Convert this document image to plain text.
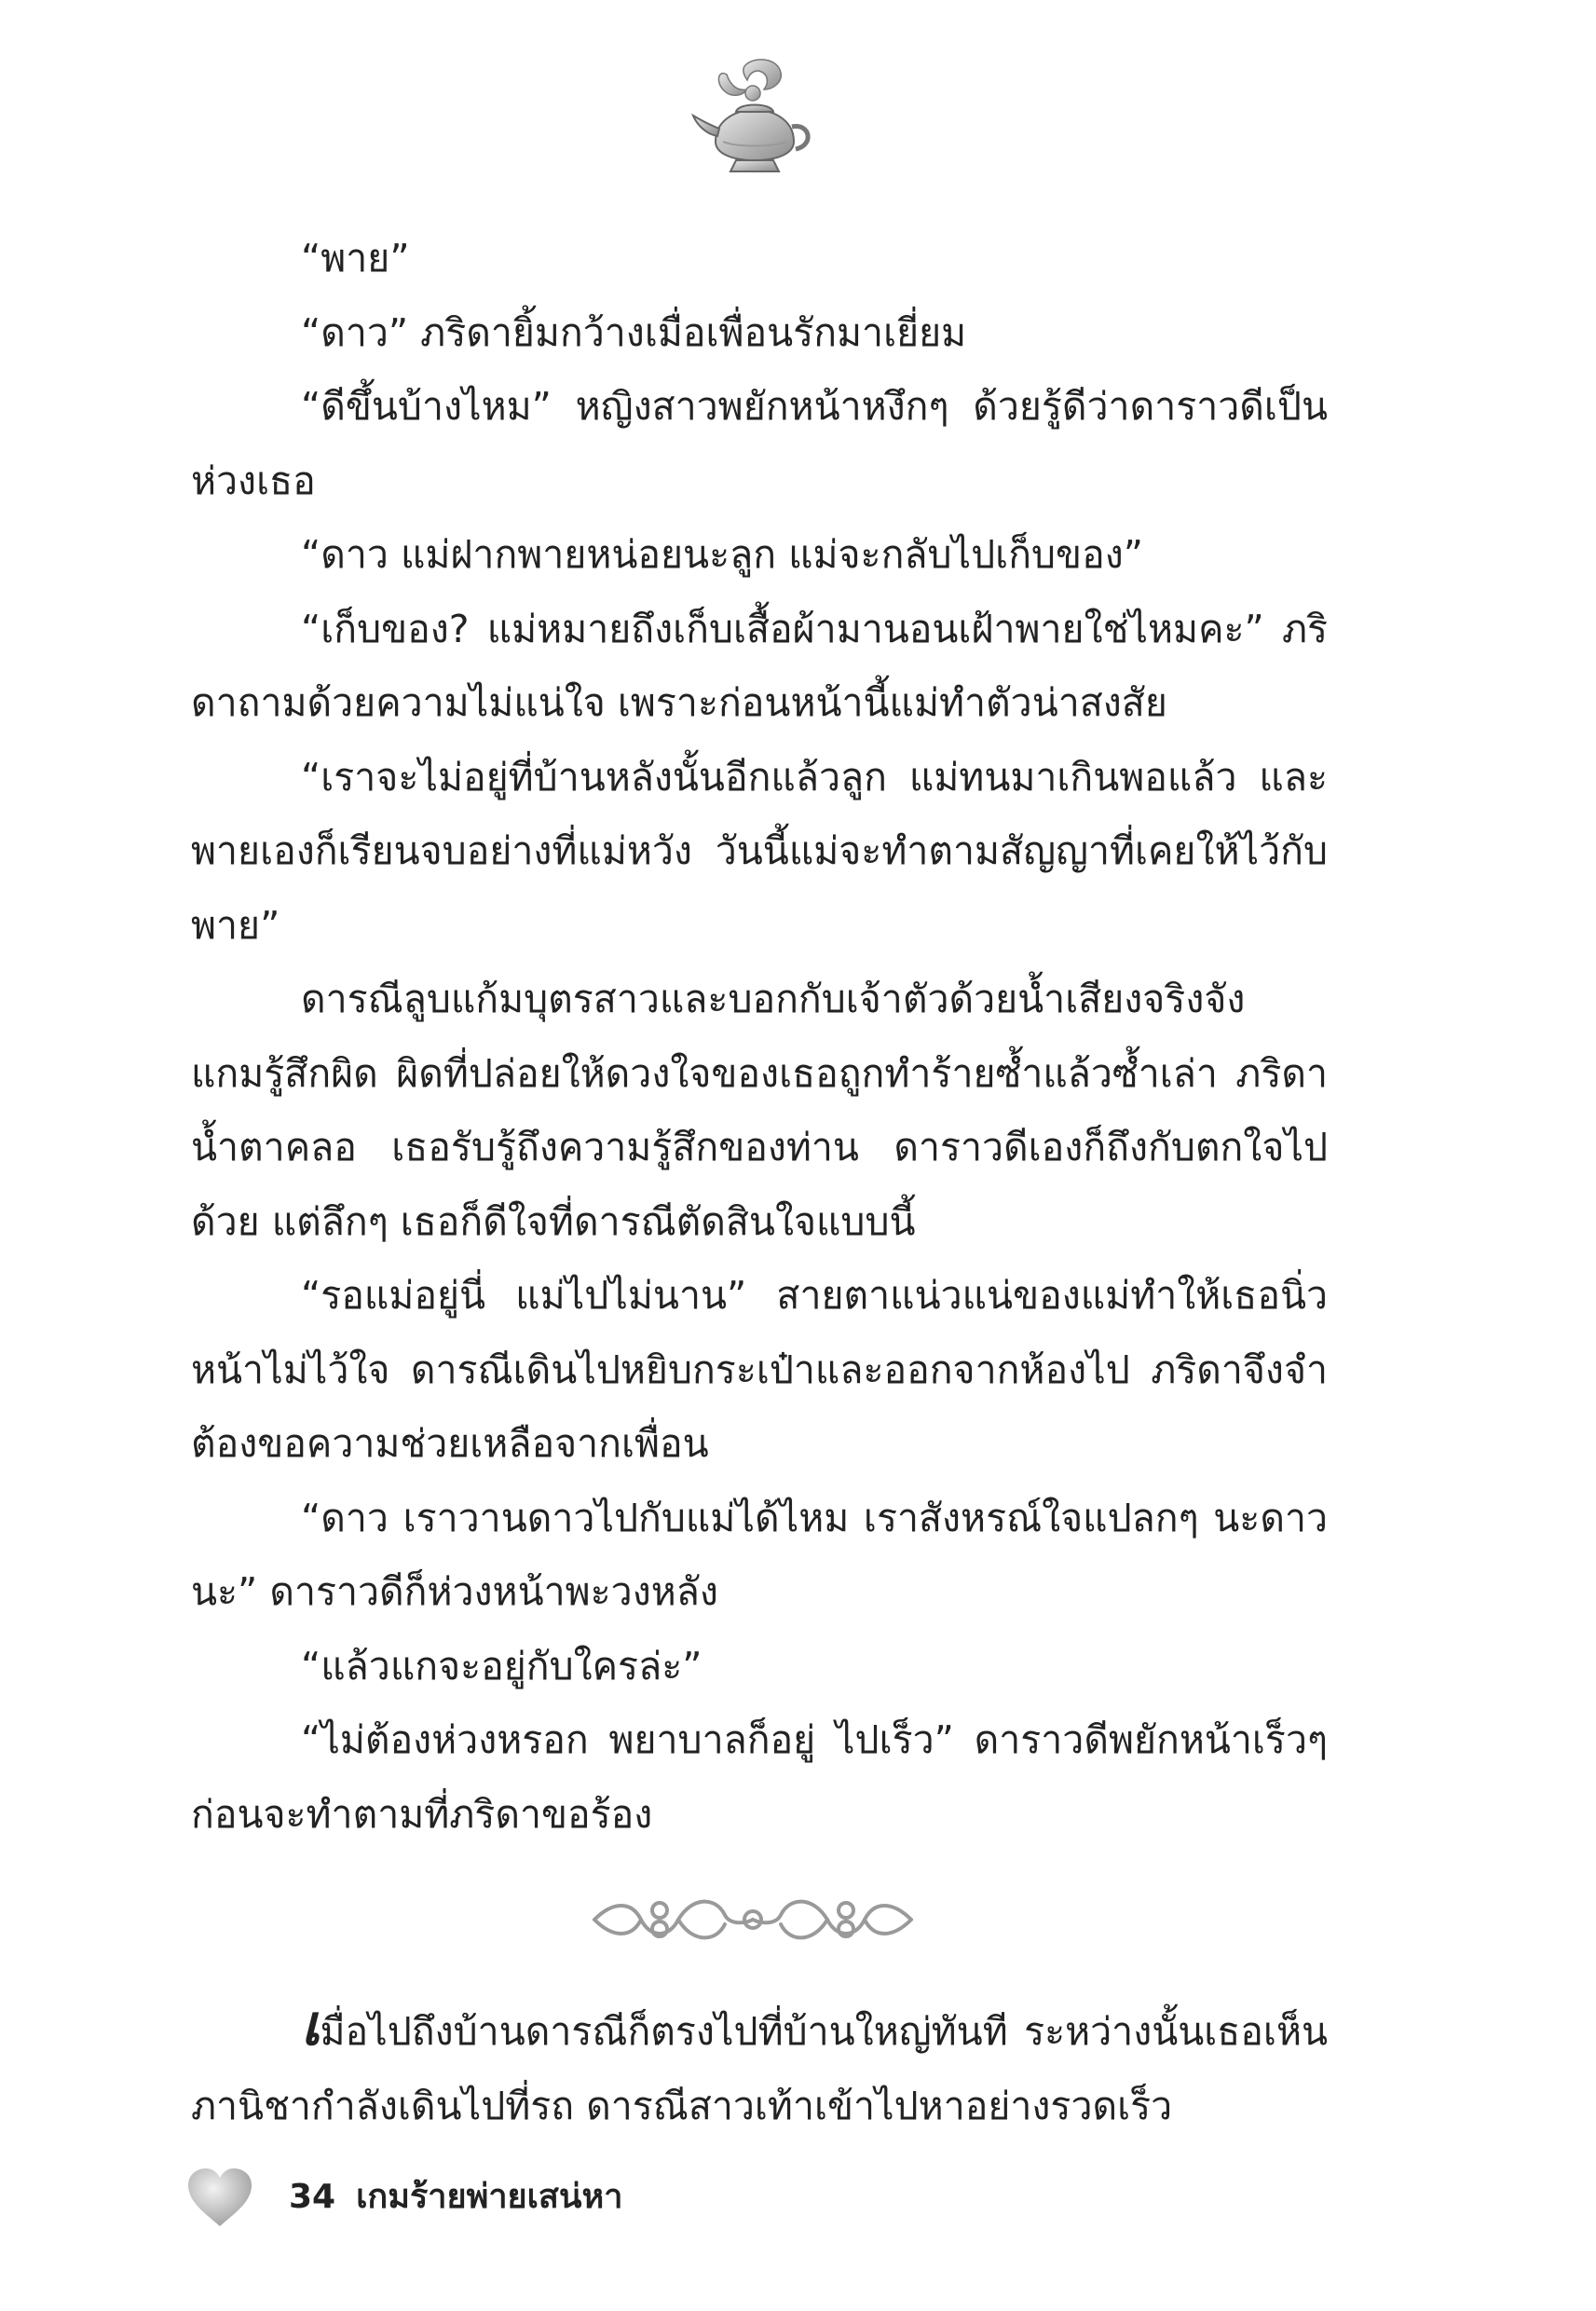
“พาย”

“ดาว” ภริดายิ้มกว้างเมื่อเพื่อนรักมาเยี่ยม

“ดีขึ้นบ้างไหม” หญิงสาวพยักหน้าหงึกๆ ด้วยรู้ดีว่าดาราวดีเป็นห่วงเธอ

“ดาว แม่ฝากพายหน่อยนะลูก แม่จะกลับไปเก็บของ”

“เก็บของ? แม่หมายถึงเก็บเสื้อผ้ามานอนเฝ้าพายใช่ไหมคะ” ภริดาถามด้วยความไม่แน่ใจ เพราะก่อนหน้านี้แม่ทำตัวน่าสงสัย

“เราจะไม่อยู่ที่บ้านหลังนั้นอีกแล้วลูก แม่ทนมาเกินพอแล้ว และพายเองก็เรียนจบอย่างที่แม่หวัง วันนี้แม่จะทำตามสัญญาที่เคยให้ไว้กับพาย”

ดารณีลูบแก้มบุตรสาวและบอกกับเจ้าตัวด้วยน้ำเสียงจริงจัง แกมรู้สึกผิด ผิดที่ปล่อยให้ดวงใจของเธอถูกทำร้ายซ้ำแล้วซ้ำเล่า ภริดาน้ำตาคลอ เธอรับรู้ถึงความรู้สึกของท่าน ดาราวดีเองก็ถึงกับตกใจไปด้วย แต่ลึกๆ เธอก็ดีใจที่ดารณีตัดสินใจแบบนี้

“รอแม่อยู่นี่ แม่ไปไม่นาน” สายตาแน่วแน่ของแม่ทำให้เธอนิ่วหน้าไม่ไว้ใจ ดารณีเดินไปหยิบกระเป๋าและออกจากห้องไป ภริดาจึงจำต้องขอความช่วยเหลือจากเพื่อน

“ดาว เราวานดาวไปกับแม่ได้ไหม เราสังหรณ์ใจแปลกๆ นะดาวนะ” ดาราวดีก็ห่วงหน้าพะวงหลัง

“แล้วแกจะอยู่กับใครล่ะ”

“ไม่ต้องห่วงหรอก พยาบาลก็อยู่ ไปเร็ว” ดาราวดีพยักหน้าเร็วๆ ก่อนจะทำตามที่ภริดาขอร้อง

เมื่อไปถึงบ้านดารณีก็ตรงไปที่บ้านใหญ่ทันที ระหว่างนั้นเธอเห็นภานิชากำลังเดินไปที่รถ ดารณีสาวเท้าเข้าไปหาอย่างรวดเร็ว

34 เกมร้ายพ่ายเสน่หา
